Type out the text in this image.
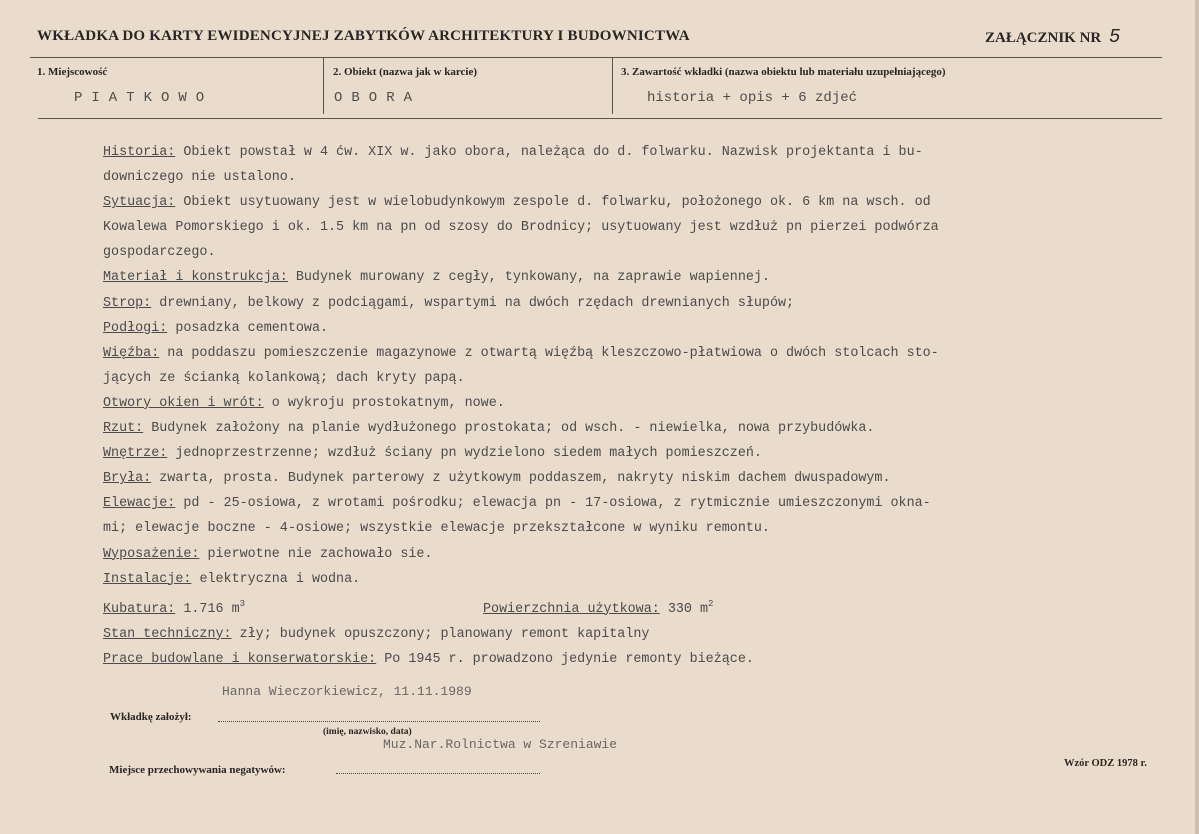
WKŁADKA DO KARTY EWIDENCYJNEJ ZABYTKÓW ARCHITEKTURY I BUDOWNICTWA	ZAŁĄCZNIK NR 5
1. Miejscowość
PIATKOWO
2. Obiekt (nazwa jak w karcie)
OBORA
3. Zawartość wkładki (nazwa obiektu lub materiału uzupełniającego)
historia + opis + 6 zdjeć

Historia: Obiekt powstał w 4 ćw. XIX w. jako obora, należąca do d. folwarku. Nazwisk projektanta i bu-

downiczego nie ustalono.

Sytuacja: Obiekt usytuowany jest w wielobudynkowym zespole d. folwarku, położonego ok. 6 km na wsch. od

Kowalewa Pomorskiego i ok. 1.5 km na pn od szosy do Brodnicy; usytuowany jest wzdłuż pn pierzei podwórza

gospodarczego.

Materiał i konstrukcja: Budynek murowany z cegły, tynkowany, na zaprawie wapiennej.

Strop: drewniany, belkowy z podciągami, wspartymi na dwóch rzędach drewnianych słupów;

Podłogi: posadzka cementowa.

Więźba: na poddaszu pomieszczenie magazynowe z otwartą więźbą kleszczowo-płatwiowa o dwóch stolcach sto-

jących ze ścianką kolankową; dach kryty papą.

Otwory okien i wrót: o wykroju prostokatnym, nowe.

Rzut: Budynek założony na planie wydłużonego prostokata; od wsch. - niewielka, nowa przybudówka.

Wnętrze: jednoprzestrzenne; wzdłuż ściany pn wydzielono siedem małych pomieszczeń.

Bryła: zwarta, prosta. Budynek parterowy z użytkowym poddaszem, nakryty niskim dachem dwuspadowym.

Elewacje: pd - 25-osiowa, z wrotami pośrodku; elewacja pn - 17-osiowa, z rytmicznie umieszczonymi okna-

mi; elewacje boczne - 4-osiowe; wszystkie elewacje przekształcone w wyniku remontu.

Wyposażenie: pierwotne nie zachowało sie.

Instalacje: elektryczna i wodna.

Kubatura: 1.716 $m^3$	Powierzchnia użytkowa: 330 $m^2$

Stan techniczny: zły; budynek opuszczony; planowany remont kapitalny

Prace budowlane i konserwatorskie: Po 1945 r. prowadzono jedynie remonty bieżące.

Hanna Wieczorkiewicz, 11.11.1989
Wkładkę założył:
(imię, nazwisko, data)
Muz.Nar.Rolnictwa w Szreniawie
Miejsce przechowywania negatywów:
Wzór ODZ 1978 r.
